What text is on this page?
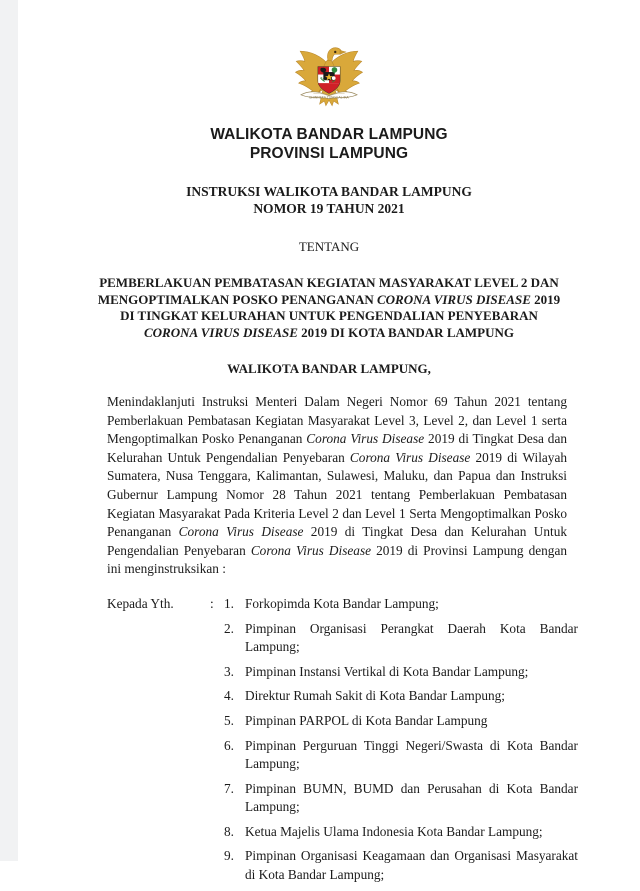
BHINNEKA TUNGGAL IKA
WALIKOTA BANDAR LAMPUNG
PROVINSI LAMPUNG
INSTRUKSI WALIKOTA BANDAR LAMPUNG
NOMOR 19 TAHUN 2021
TENTANG
PEMBERLAKUAN PEMBATASAN KEGIATAN MASYARAKAT LEVEL 2 DAN
MENGOPTIMALKAN POSKO PENANGANAN CORONA VIRUS DISEASE 2019
DI TINGKAT KELURAHAN UNTUK PENGENDALIAN PENYEBARAN
CORONA VIRUS DISEASE 2019 DI KOTA BANDAR LAMPUNG
WALIKOTA BANDAR LAMPUNG,

Menindaklanjuti Instruksi Menteri Dalam Negeri Nomor 69 Tahun 2021 tentang Pemberlakuan Pembatasan Kegiatan Masyarakat Level 3, Level 2, dan Level 1 serta Mengoptimalkan Posko Penanganan Corona Virus Disease 2019 di Tingkat Desa dan Kelurahan Untuk Pengendalian Penyebaran Corona Virus Disease 2019 di Wilayah Sumatera, Nusa Tenggara, Kalimantan, Sulawesi, Maluku, dan Papua dan Instruksi Gubernur Lampung Nomor 28 Tahun 2021 tentang Pemberlakuan Pembatasan Kegiatan Masyarakat Pada Kriteria Level 2 dan Level 1 Serta Mengoptimalkan Posko Penanganan Corona Virus Disease 2019 di Tingkat Desa dan Kelurahan Untuk Pengendalian Penyebaran Corona Virus Disease 2019 di Provinsi Lampung dengan ini menginstruksikan :

Kepada Yth.	: 1. Forkopimda Kota Bandar Lampung;
2. Pimpinan Organisasi Perangkat Daerah Kota Bandar Lampung;
3. Pimpinan Instansi Vertikal di Kota Bandar Lampung;
4. Direktur Rumah Sakit di Kota Bandar Lampung;
5. Pimpinan PARPOL di Kota Bandar Lampung
6. Pimpinan Perguruan Tinggi Negeri/Swasta di Kota Bandar Lampung;
7. Pimpinan BUMN, BUMD dan Perusahan di Kota Bandar Lampung;
8. Ketua Majelis Ulama Indonesia Kota Bandar Lampung;
9. Pimpinan Organisasi Keagamaan dan Organisasi Masyarakat di Kota Bandar Lampung;
